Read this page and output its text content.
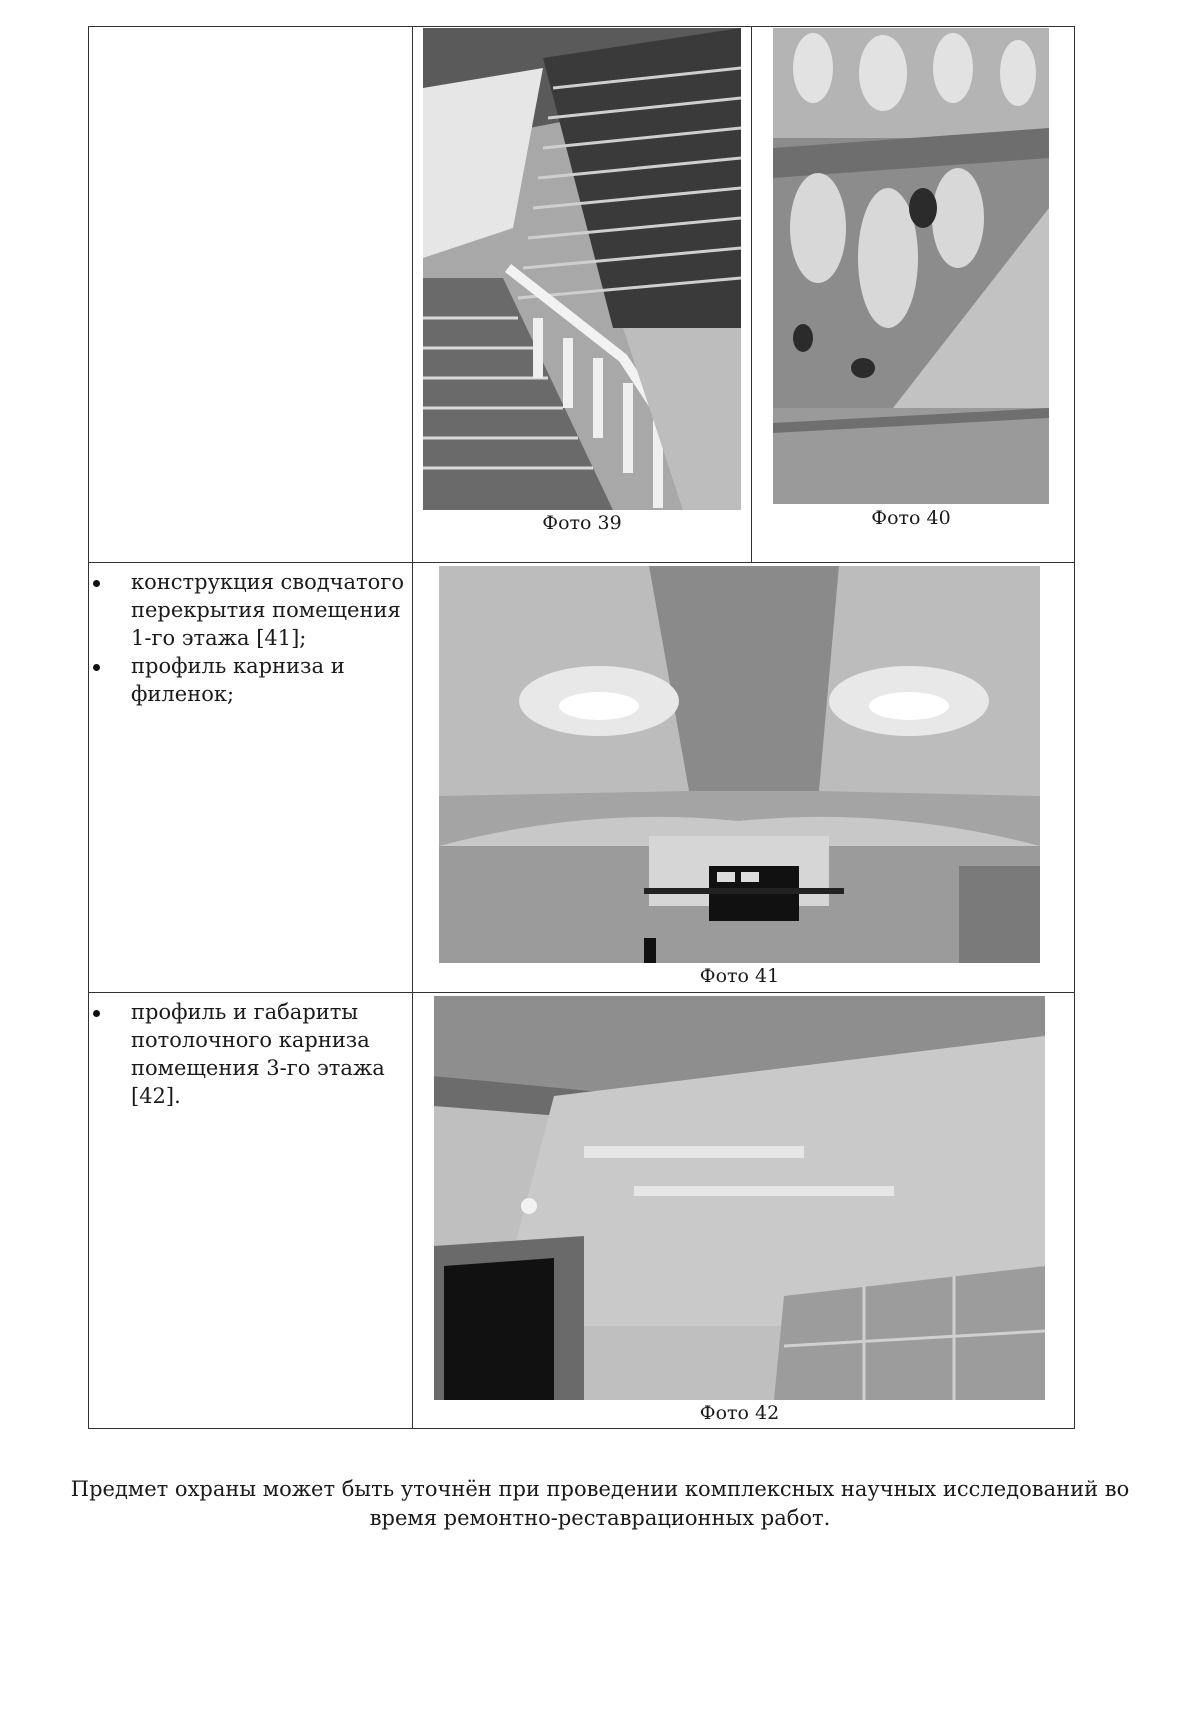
Фото 39	Фото 40
конструкция сводчатого перекрытия помещения 1-го этажа [41];
профиль карниза и филенок;
Фото 41
профиль и габариты потолочного карниза помещения 3-го этажа [42].
Фото 42
Предмет охраны может быть уточнён при проведении комплексных научных исследований во
время ремонтно-реставрационных работ.
